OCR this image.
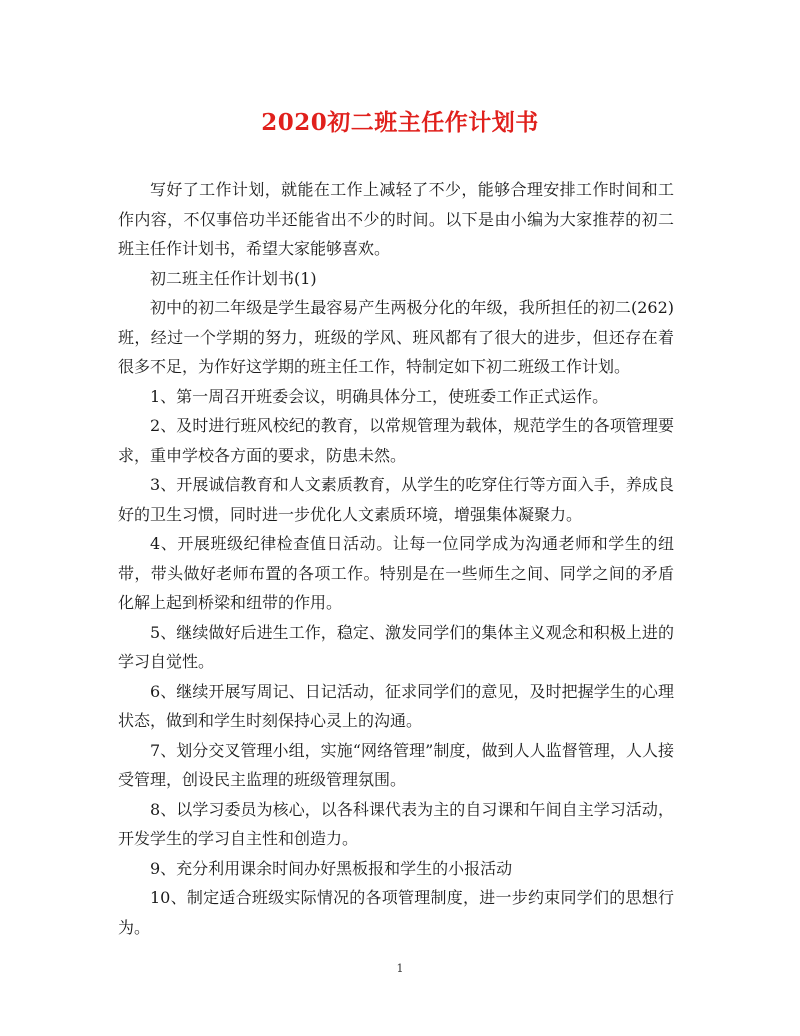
2020初二班主任作计划书

写好了工作计划，就能在工作上减轻了不少，能够合理安排工作时间和工作内容，不仅事倍功半还能省出不少的时间。以下是由小编为大家推荐的初二班主任作计划书，希望大家能够喜欢。

初二班主任作计划书(1)

初中的初二年级是学生最容易产生两极分化的年级，我所担任的初二(262)班，经过一个学期的努力，班级的学风、班风都有了很大的进步，但还存在着很多不足，为作好这学期的班主任工作，特制定如下初二班级工作计划。

1、第一周召开班委会议，明确具体分工，使班委工作正式运作。

2、及时进行班风校纪的教育，以常规管理为载体，规范学生的各项管理要求，重申学校各方面的要求，防患未然。

3、开展诚信教育和人文素质教育，从学生的吃穿住行等方面入手，养成良好的卫生习惯，同时进一步优化人文素质环境，增强集体凝聚力。

4、开展班级纪律检查值日活动。让每一位同学成为沟通老师和学生的纽带，带头做好老师布置的各项工作。特别是在一些师生之间、同学之间的矛盾化解上起到桥梁和纽带的作用。

5、继续做好后进生工作，稳定、激发同学们的集体主义观念和积极上进的学习自觉性。

6、继续开展写周记、日记活动，征求同学们的意见，及时把握学生的心理状态，做到和学生时刻保持心灵上的沟通。

7、划分交叉管理小组，实施“网络管理”制度，做到人人监督管理，人人接受管理，创设民主监理的班级管理氛围。

8、以学习委员为核心，以各科课代表为主的自习课和午间自主学习活动，开发学生的学习自主性和创造力。

9、充分利用课余时间办好黑板报和学生的小报活动

10、制定适合班级实际情况的各项管理制度，进一步约束同学们的思想行为。

1
